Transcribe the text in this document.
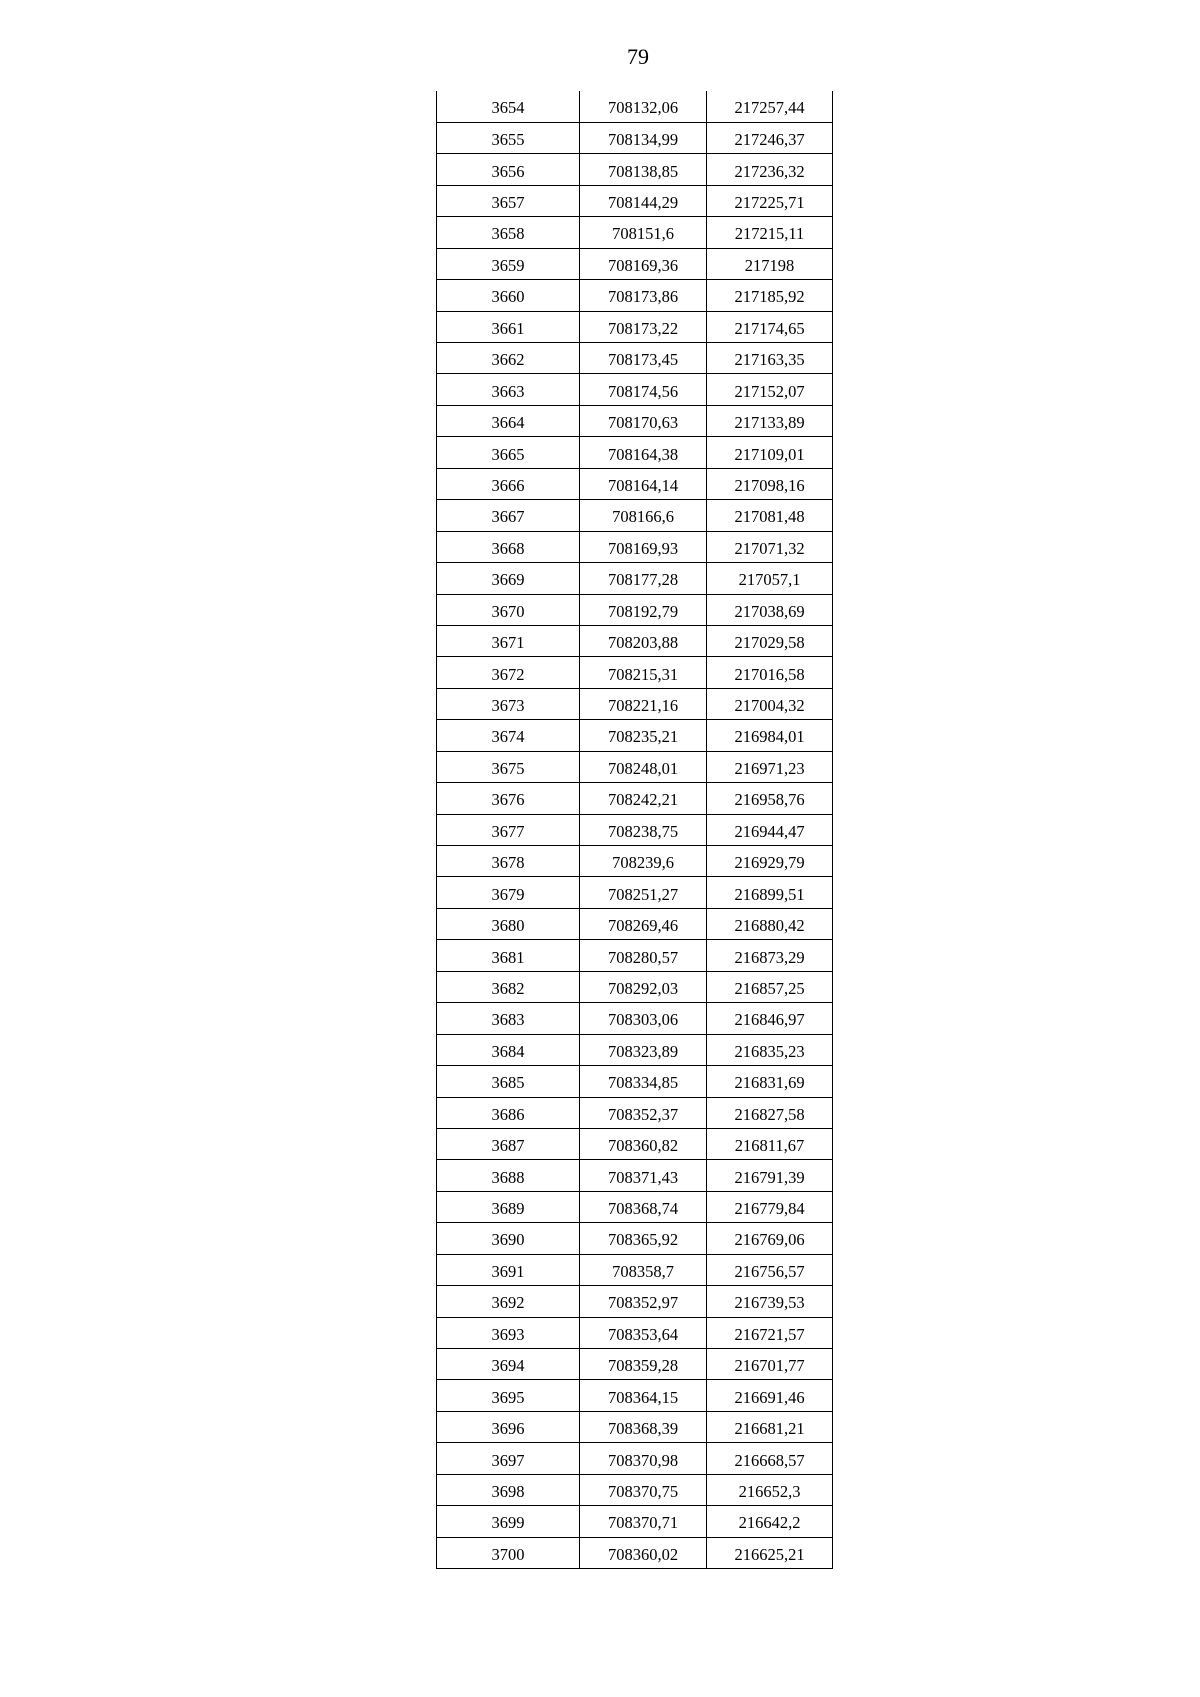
79
3654	708132,06	217257,44
3655	708134,99	217246,37
3656	708138,85	217236,32
3657	708144,29	217225,71
3658	708151,6	217215,11
3659	708169,36	217198
3660	708173,86	217185,92
3661	708173,22	217174,65
3662	708173,45	217163,35
3663	708174,56	217152,07
3664	708170,63	217133,89
3665	708164,38	217109,01
3666	708164,14	217098,16
3667	708166,6	217081,48
3668	708169,93	217071,32
3669	708177,28	217057,1
3670	708192,79	217038,69
3671	708203,88	217029,58
3672	708215,31	217016,58
3673	708221,16	217004,32
3674	708235,21	216984,01
3675	708248,01	216971,23
3676	708242,21	216958,76
3677	708238,75	216944,47
3678	708239,6	216929,79
3679	708251,27	216899,51
3680	708269,46	216880,42
3681	708280,57	216873,29
3682	708292,03	216857,25
3683	708303,06	216846,97
3684	708323,89	216835,23
3685	708334,85	216831,69
3686	708352,37	216827,58
3687	708360,82	216811,67
3688	708371,43	216791,39
3689	708368,74	216779,84
3690	708365,92	216769,06
3691	708358,7	216756,57
3692	708352,97	216739,53
3693	708353,64	216721,57
3694	708359,28	216701,77
3695	708364,15	216691,46
3696	708368,39	216681,21
3697	708370,98	216668,57
3698	708370,75	216652,3
3699	708370,71	216642,2
3700	708360,02	216625,21
